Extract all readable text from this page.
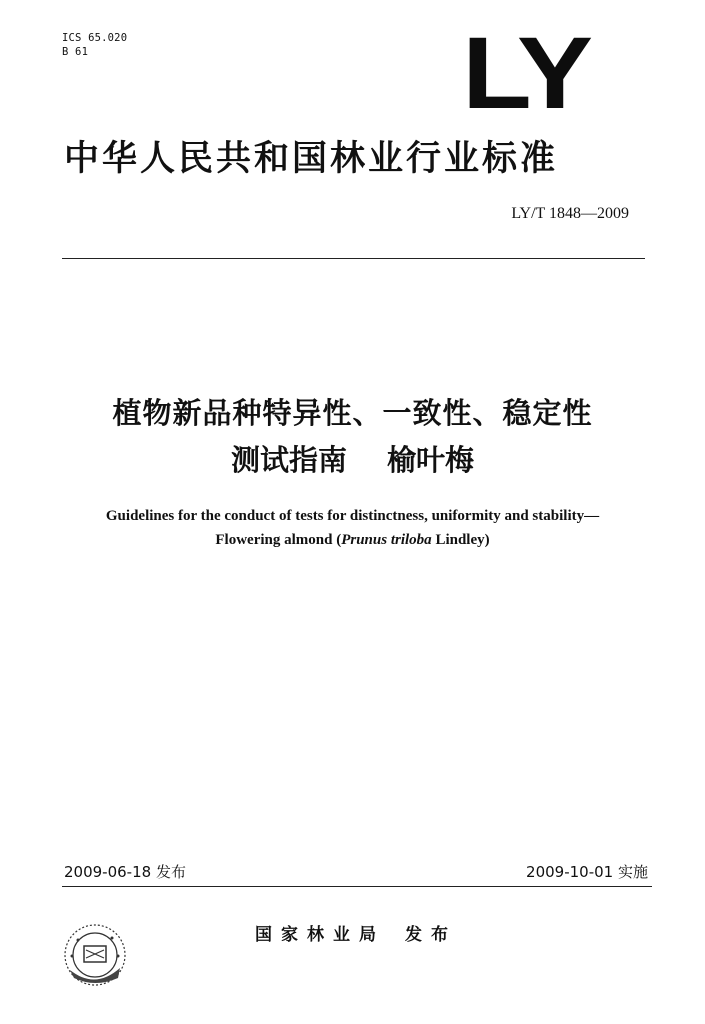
ICS 65.020
B 61	LY
中华人民共和国林业行业标准
LY/T 1848—2009
植物新品种特异性、一致性、稳定性
测试指南 榆叶梅
Guidelines for the conduct of tests for distinctness, uniformity and stability—
Flowering almond (Prunus triloba Lindley)
2009-06-18 发布	2009-10-01 实施
国家林业局 发布
